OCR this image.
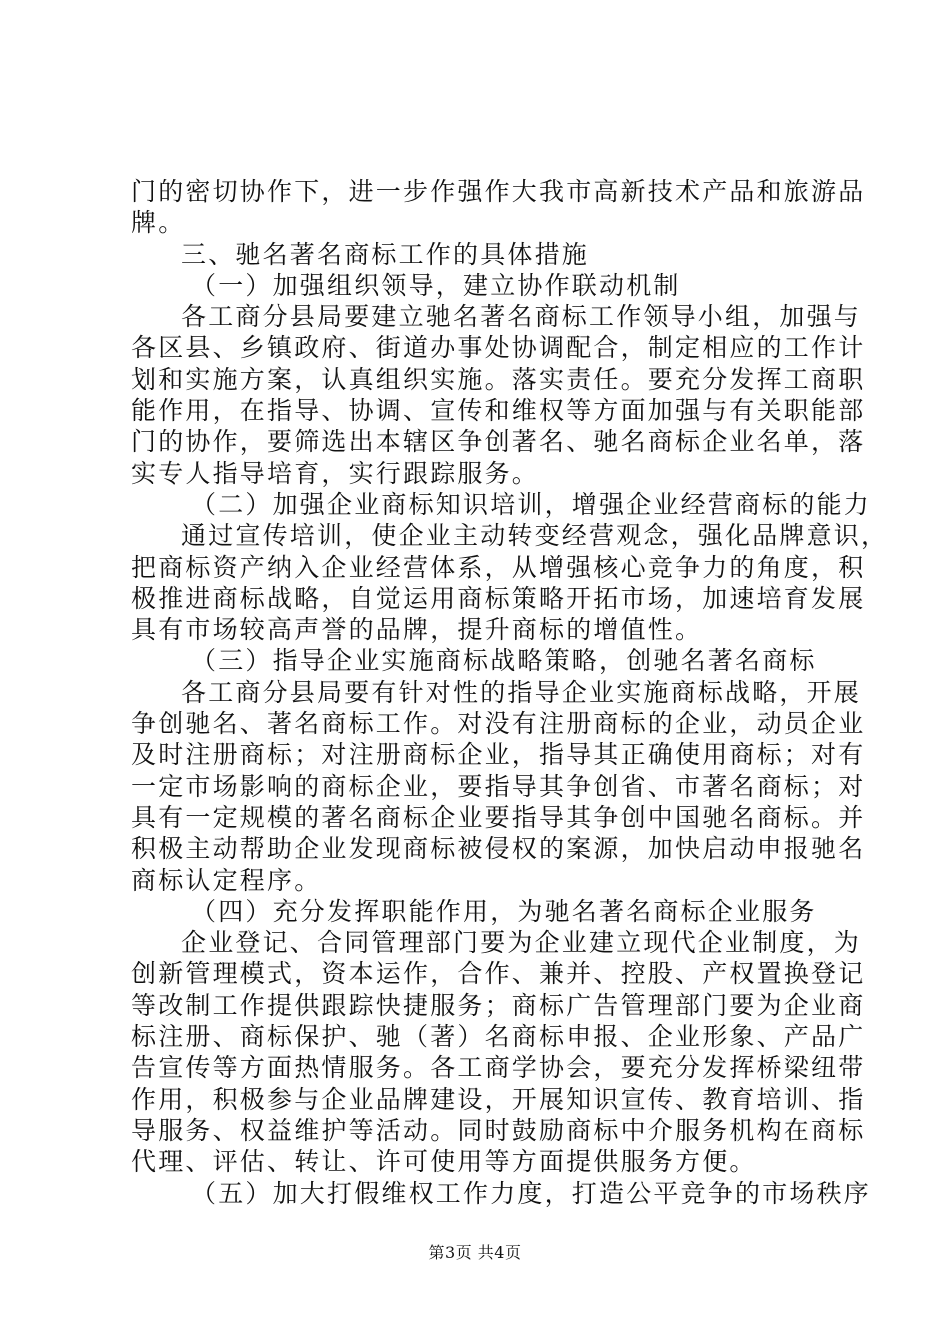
门的密切协作下，进一步作强作大我市高新技术产品和旅游品
牌。
三、驰名著名商标工作的具体措施
（一）加强组织领导，建立协作联动机制
各工商分县局要建立驰名著名商标工作领导小组，加强与
各区县、乡镇政府、街道办事处协调配合，制定相应的工作计
划和实施方案，认真组织实施。落实责任。要充分发挥工商职
能作用，在指导、协调、宣传和维权等方面加强与有关职能部
门的协作，要筛选出本辖区争创著名、驰名商标企业名单，落
实专人指导培育，实行跟踪服务。
（二）加强企业商标知识培训，增强企业经营商标的能力
通过宣传培训，使企业主动转变经营观念，强化品牌意识，
把商标资产纳入企业经营体系，从增强核心竞争力的角度，积
极推进商标战略，自觉运用商标策略开拓市场，加速培育发展
具有市场较高声誉的品牌，提升商标的增值性。
（三）指导企业实施商标战略策略，创驰名著名商标
各工商分县局要有针对性的指导企业实施商标战略，开展
争创驰名、著名商标工作。对没有注册商标的企业，动员企业
及时注册商标；对注册商标企业，指导其正确使用商标；对有
一定市场影响的商标企业，要指导其争创省、市著名商标；对
具有一定规模的著名商标企业要指导其争创中国驰名商标。并
积极主动帮助企业发现商标被侵权的案源，加快启动申报驰名
商标认定程序。
（四）充分发挥职能作用，为驰名著名商标企业服务
企业登记、合同管理部门要为企业建立现代企业制度，为
创新管理模式，资本运作，合作、兼并、控股、产权置换登记
等改制工作提供跟踪快捷服务；商标广告管理部门要为企业商
标注册、商标保护、驰（著）名商标申报、企业形象、产品广
告宣传等方面热情服务。各工商学协会，要充分发挥桥梁纽带
作用，积极参与企业品牌建设，开展知识宣传、教育培训、指
导服务、权益维护等活动。同时鼓励商标中介服务机构在商标
代理、评估、转让、许可使用等方面提供服务方便。
（五）加大打假维权工作力度，打造公平竞争的市场秩序
第3页 共4页
